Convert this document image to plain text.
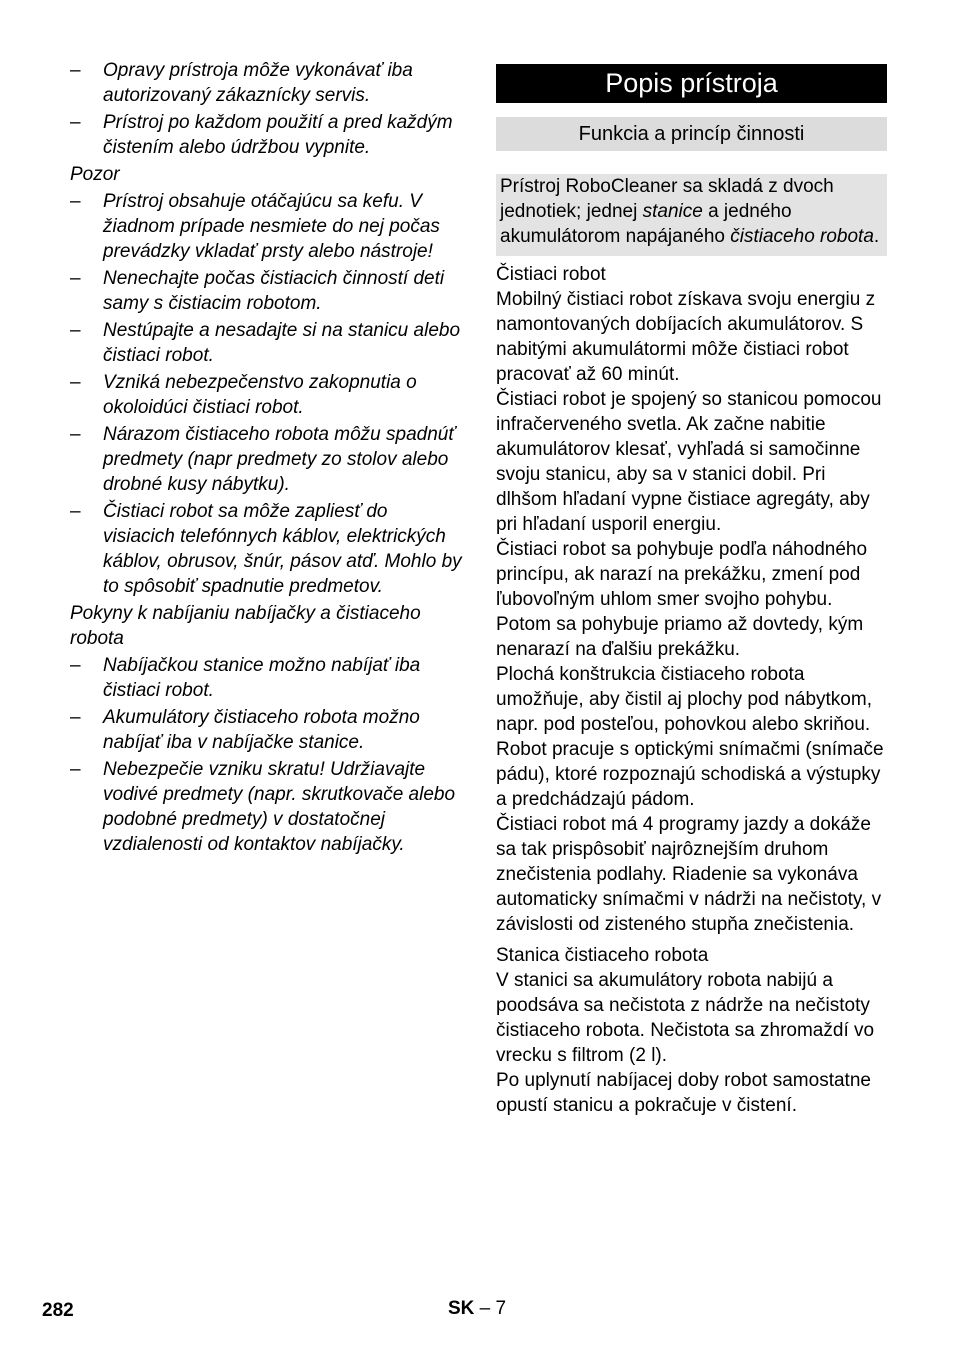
– Opravy prístroja môže vykonávať iba autorizovaný zákaznícky servis.
– Prístroj po každom použití a pred každým čistením alebo údržbou vypnite.
Pozor
– Prístroj obsahuje otáčajúcu sa kefu. V žiadnom prípade nesmiete do nej počas prevádzky vkladať prsty alebo nástroje!
– Nenechajte počas čistiacich činností deti samy s čistiacim robotom.
– Nestúpajte a nesadajte si na stanicu alebo čistiaci robot.
– Vzniká nebezpečenstvo zakopnutia o okoloidúci čistiaci robot.
– Nárazom čistiaceho robota môžu spadnúť predmety (napr predmety zo stolov alebo drobné kusy nábytku).
– Čistiaci robot sa môže zapliesť do visiacich telefónnych káblov, elektrických káblov, obrusov, šnúr, pásov atď. Mohlo by to spôsobiť spadnutie predmetov.
Pokyny k nabíjaniu nabíjačky a čistiaceho robota
– Nabíjačkou stanice možno nabíjať iba čistiaci robot.
– Akumulátory čistiaceho robota možno nabíjať iba v nabíjačke stanice.
– Nebezpečie vzniku skratu! Udržiavajte vodivé predmety (napr. skrutkovače alebo podobné predmety) v dostatočnej vzdialenosti od kontaktov nabíjačky.
Popis prístroja
Funkcia a princíp činnosti
Prístroj RoboCleaner sa skladá z dvoch jednotiek; jednej stanice a jedného akumulátorom napájaného čistiaceho robota.
Čistiaci robot

Mobilný čistiaci robot získava svoju energiu z namontovaných dobíjacích akumulátorov. S nabitými akumulátormi môže čistiaci robot pracovať až 60 minút.

Čistiaci robot je spojený so stanicou pomocou infračerveného svetla. Ak začne nabitie akumulátorov klesať, vyhľadá si samočinne svoju stanicu, aby sa v stanici dobil. Pri dlhšom hľadaní vypne čistiace agregáty, aby pri hľadaní usporil energiu.

Čistiaci robot sa pohybuje podľa náhodného princípu, ak narazí na prekážku, zmení pod ľubovoľným uhlom smer svojho pohybu. Potom sa pohybuje priamo až dovtedy, kým nenarazí na ďalšiu prekážku.

Plochá konštrukcia čistiaceho robota umožňuje, aby čistil aj plochy pod nábytkom, napr. pod posteľou, pohovkou alebo skriňou.

Robot pracuje s optickými snímačmi (snímače pádu), ktoré rozpoznajú schodiská a výstupky a predchádzajú pádom.

Čistiaci robot má 4 programy jazdy a dokáže sa tak prispôsobiť najrôznejším druhom znečistenia podlahy. Riadenie sa vykonáva automaticky snímačmi v nádrži na nečistoty, v závislosti od zisteného stupňa znečistenia.

Stanica čistiaceho robota

V stanici sa akumulátory robota nabijú a poodsáva sa nečistota z nádrže na nečistoty čistiaceho robota. Nečistota sa zhromaždí vo vrecku s filtrom (2 l).

Po uplynutí nabíjacej doby robot samostatne opustí stanicu a pokračuje v čistení.

282	SK – 7
